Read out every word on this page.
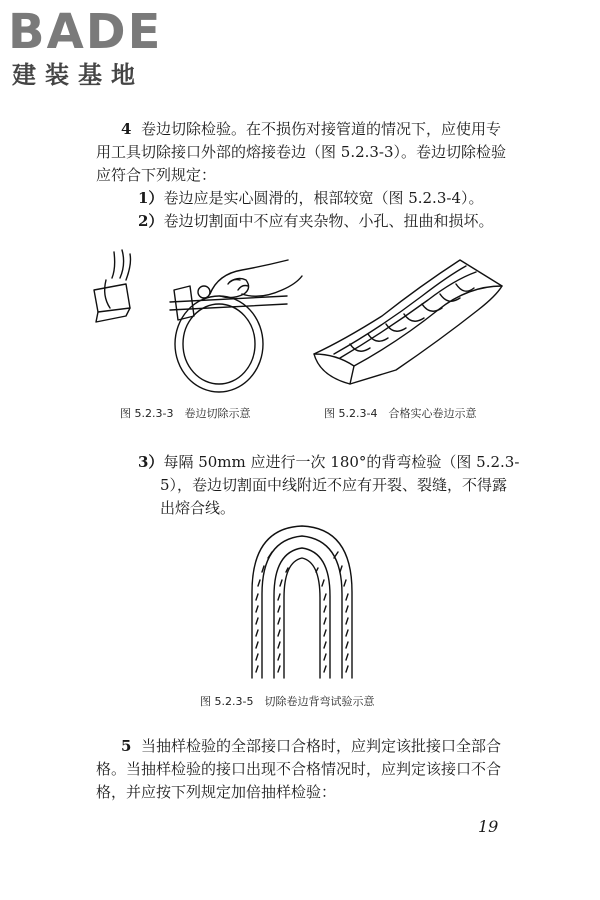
BADE
建装基地
4 卷边切除检验。在不损伤对接管道的情况下，应使用专
用工具切除接口外部的熔接卷边（图 5.2.3-3）。卷边切除检验
应符合下列规定：
1）卷边应是实心圆滑的，根部较宽（图 5.2.3-4）。
2）卷边切割面中不应有夹杂物、小孔、扭曲和损坏。
图 5.2.3-3　卷边切除示意	图 5.2.3-4　合格实心卷边示意
3）每隔 50mm 应进行一次 180°的背弯检验（图 5.2.3-
5），卷边切割面中线附近不应有开裂、裂缝，不得露
出熔合线。
图 5.2.3-5　切除卷边背弯试验示意
5 当抽样检验的全部接口合格时，应判定该批接口全部合
格。当抽样检验的接口出现不合格情况时，应判定该接口不合
格，并应按下列规定加倍抽样检验：
19
